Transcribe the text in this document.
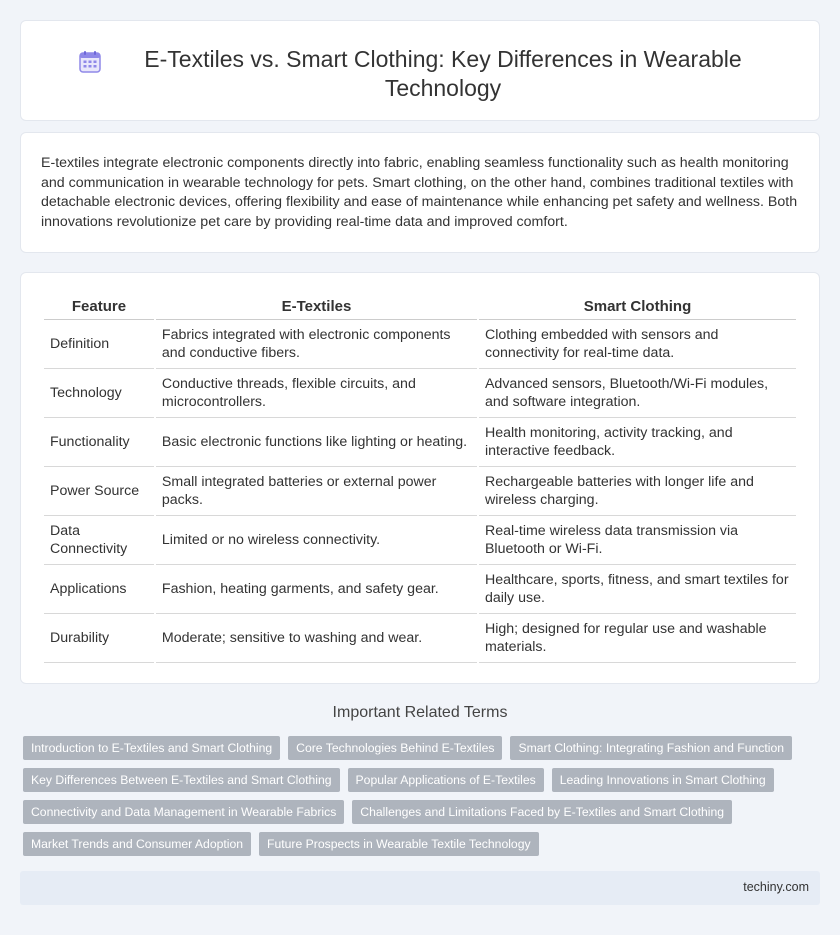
E-Textiles vs. Smart Clothing: Key Differences in Wearable Technology

E-textiles integrate electronic components directly into fabric, enabling seamless functionality such as health monitoring and communication in wearable technology for pets. Smart clothing, on the other hand, combines traditional textiles with detachable electronic devices, offering flexibility and ease of maintenance while enhancing pet safety and wellness. Both innovations revolutionize pet care by providing real-time data and improved comfort.

Feature	E-Textiles	Smart Clothing
Definition	Fabrics integrated with electronic components and conductive fibers.	Clothing embedded with sensors and connectivity for real-time data.
Technology	Conductive threads, flexible circuits, and microcontrollers.	Advanced sensors, Bluetooth/Wi-Fi modules, and software integration.
Functionality	Basic electronic functions like lighting or heating.	Health monitoring, activity tracking, and interactive feedback.
Power Source	Small integrated batteries or external power packs.	Rechargeable batteries with longer life and wireless charging.
Data Connectivity	Limited or no wireless connectivity.	Real-time wireless data transmission via Bluetooth or Wi-Fi.
Applications	Fashion, heating garments, and safety gear.	Healthcare, sports, fitness, and smart textiles for daily use.
Durability	Moderate; sensitive to washing and wear.	High; designed for regular use and washable materials.
Important Related Terms
Introduction to E-Textiles and Smart Clothing	Core Technologies Behind E-Textiles	Smart Clothing: Integrating Fashion and Function
Key Differences Between E-Textiles and Smart Clothing	Popular Applications of E-Textiles	Leading Innovations in Smart Clothing
Connectivity and Data Management in Wearable Fabrics	Challenges and Limitations Faced by E-Textiles and Smart Clothing
Market Trends and Consumer Adoption	Future Prospects in Wearable Textile Technology
techiny.com
